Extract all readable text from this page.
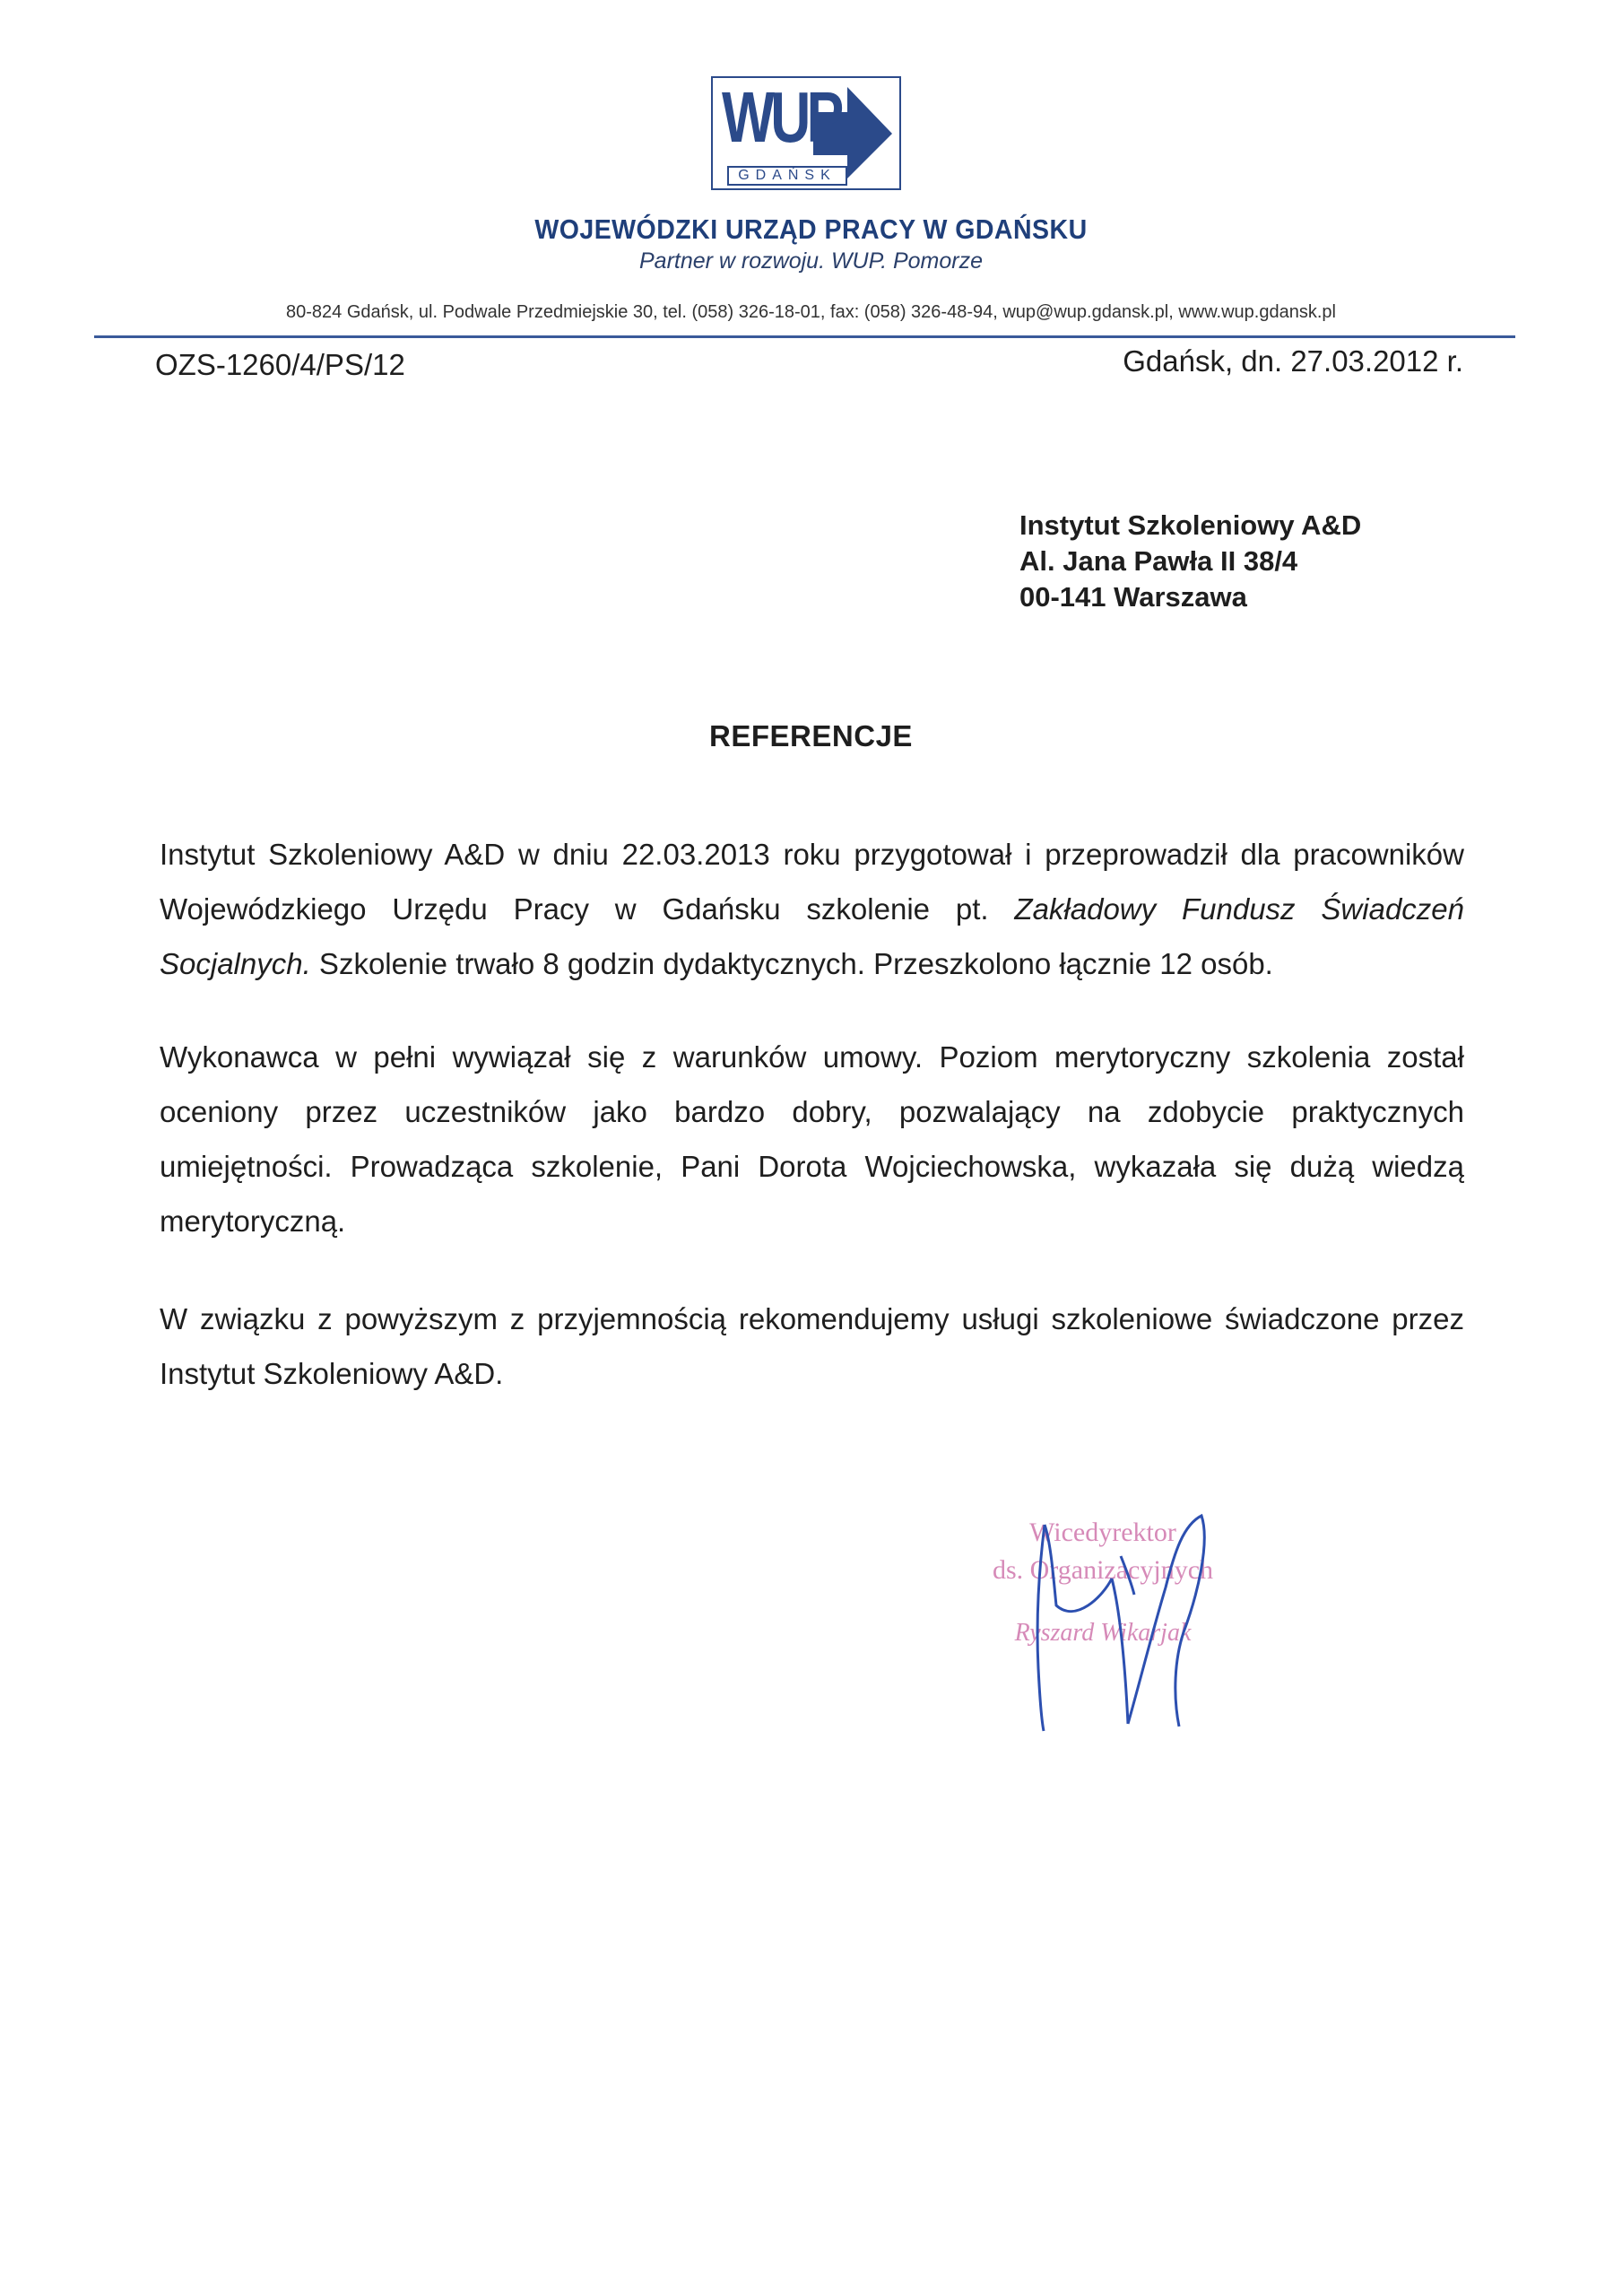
WUP
GDAŃSK
WOJEWÓDZKI URZĄD PRACY W GDAŃSKU
Partner w rozwoju. WUP. Pomorze
80-824 Gdańsk, ul. Podwale Przedmiejskie 30, tel. (058) 326-18-01, fax: (058) 326-48-94, wup@wup.gdansk.pl, www.wup.gdansk.pl
OZS-1260/4/PS/12	Gdańsk, dn. 27.03.2012 r.
Instytut Szkoleniowy A&D
Al. Jana Pawła II 38/4
00-141 Warszawa
REFERENCJE
Instytut Szkoleniowy A&D w dniu 22.03.2013 roku przygotował i przeprowadził dla pracowników Wojewódzkiego Urzędu Pracy w Gdańsku szkolenie pt. Zakładowy Fundusz Świadczeń Socjalnych. Szkolenie trwało 8 godzin dydaktycznych. Przeszkolono łącznie 12 osób.
Wykonawca w pełni wywiązał się z warunków umowy. Poziom merytoryczny szkolenia został oceniony przez uczestników jako bardzo dobry, pozwalający na zdobycie praktycznych umiejętności. Prowadząca szkolenie, Pani Dorota Wojciechowska, wykazała się dużą wiedzą merytoryczną.
W związku z powyższym z przyjemnością rekomendujemy usługi szkoleniowe świadczone przez Instytut Szkoleniowy A&D.
Wicedyrektor
ds. Organizacyjnych
Ryszard Wikarjak
